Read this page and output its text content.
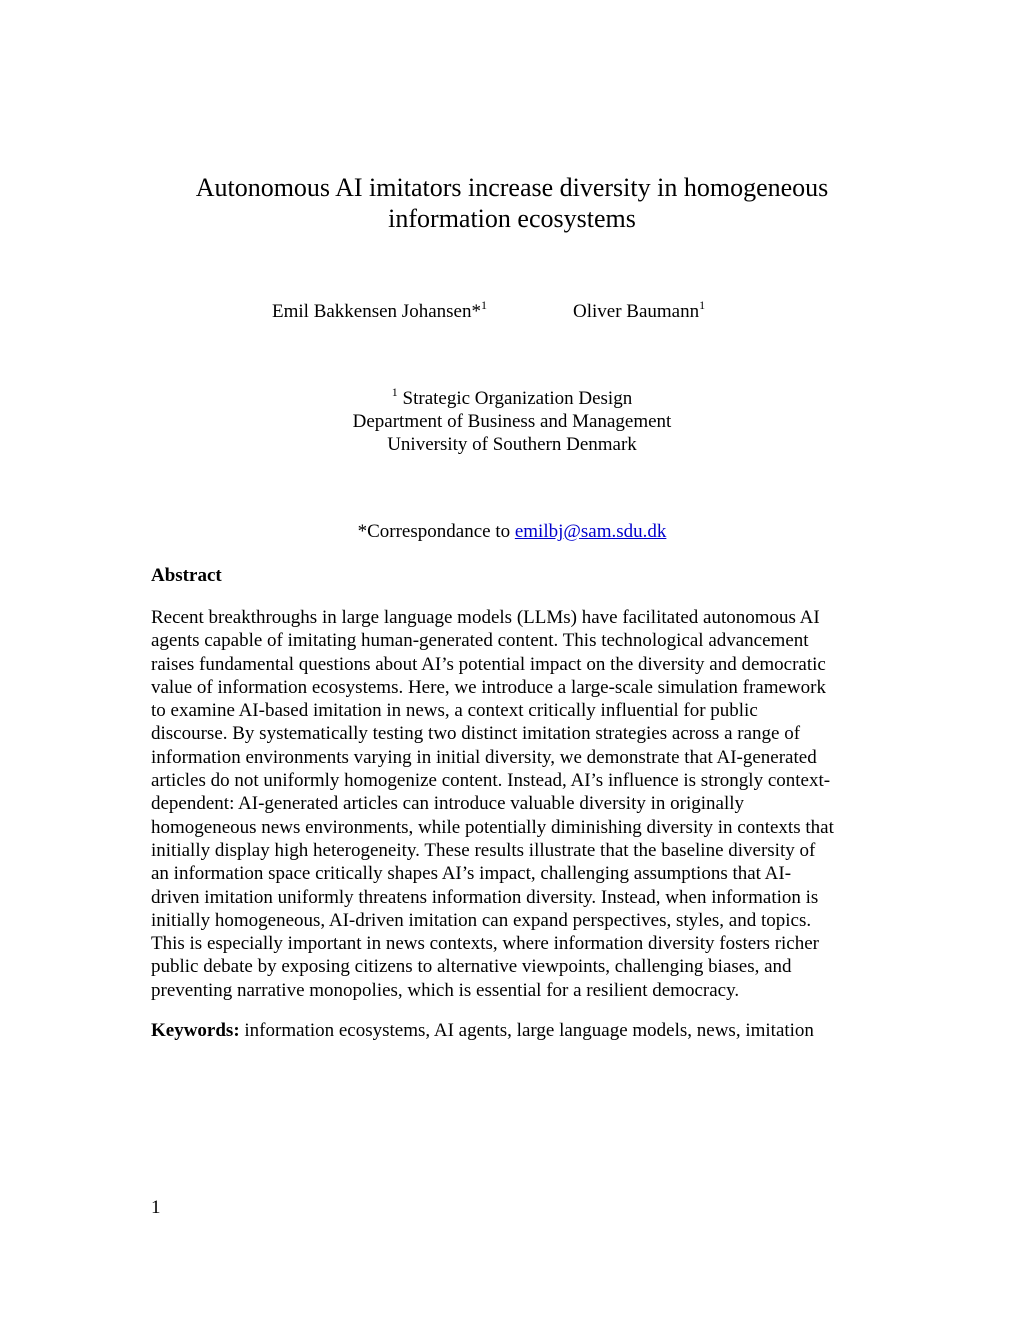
Autonomous AI imitators increase diversity in homogeneous
information ecosystems
Emil Bakkensen Johansen*$^1$	Oliver Baumann$^1$
$^1$ Strategic Organization Design
Department of Business and Management
University of Southern Denmark
*Correspondance to emilbj@sam.sdu.dk
Abstract
Recent breakthroughs in large language models (LLMs) have facilitated autonomous AI
agents capable of imitating human-generated content. This technological advancement
raises fundamental questions about AI’s potential impact on the diversity and democratic
value of information ecosystems. Here, we introduce a large-scale simulation framework
to examine AI-based imitation in news, a context critically influential for public
discourse. By systematically testing two distinct imitation strategies across a range of
information environments varying in initial diversity, we demonstrate that AI-generated
articles do not uniformly homogenize content. Instead, AI’s influence is strongly context-
dependent: AI-generated articles can introduce valuable diversity in originally
homogeneous news environments, while potentially diminishing diversity in contexts that
initially display high heterogeneity. These results illustrate that the baseline diversity of
an information space critically shapes AI’s impact, challenging assumptions that AI-
driven imitation uniformly threatens information diversity. Instead, when information is
initially homogeneous, AI-driven imitation can expand perspectives, styles, and topics.
This is especially important in news contexts, where information diversity fosters richer
public debate by exposing citizens to alternative viewpoints, challenging biases, and
preventing narrative monopolies, which is essential for a resilient democracy.
Keywords: information ecosystems, AI agents, large language models, news, imitation
1
